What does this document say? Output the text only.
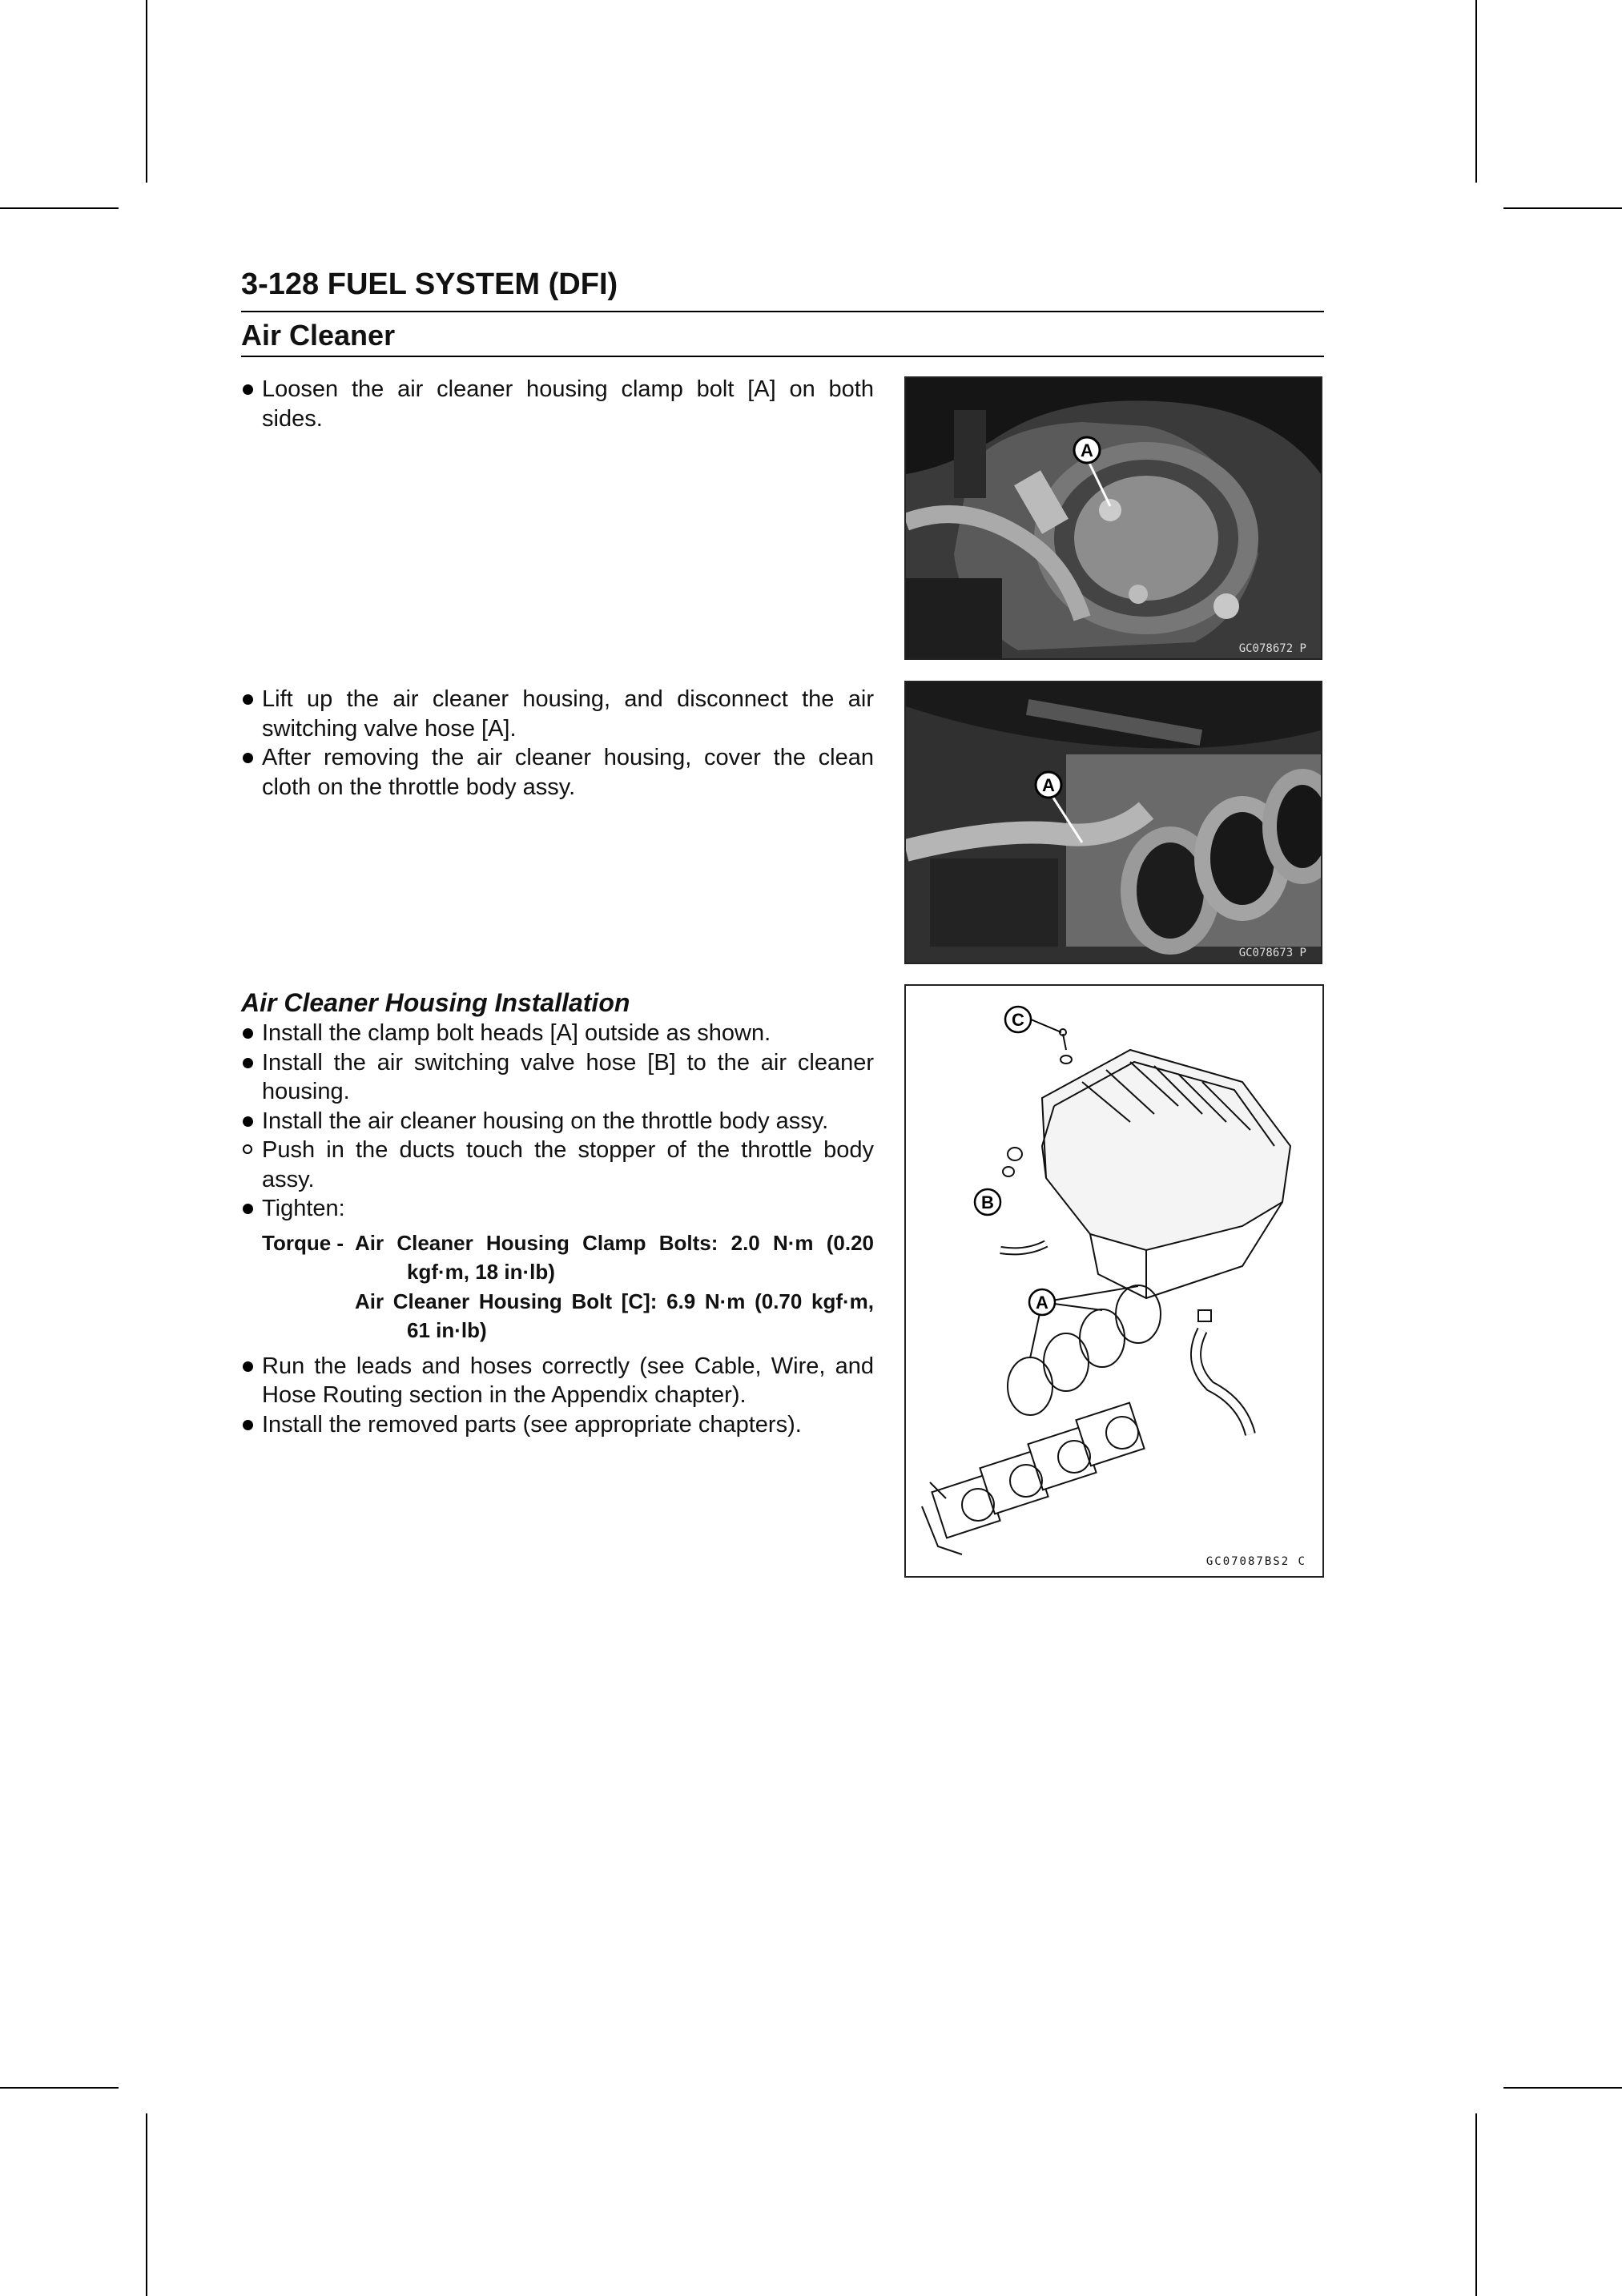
3-128 FUEL SYSTEM (DFI)
Air Cleaner
Loosen the air cleaner housing clamp bolt [A] on both sides.
A
GC078672 P
Lift up the air cleaner housing, and disconnect the air switching valve hose [A].
After removing the air cleaner housing, cover the clean cloth on the throttle body assy.	A
GC078673 P
Air Cleaner Housing Installation
Install the clamp bolt heads [A] outside as shown.
Install the air switching valve hose [B] to the air cleaner housing.
Install the air cleaner housing on the throttle body assy.
Push in the ducts touch the stopper of the throttle body assy.
Tighten:
Torque - Air Cleaner Housing Clamp Bolts: 2.0 N·m (0.20
kgf·m, 18 in·lb)
Air Cleaner Housing Bolt [C]: 6.9 N·m (0.70 kgf·m,
61 in·lb)
Run the leads and hoses correctly (see Cable, Wire, and Hose Routing section in the Appendix chapter).
Install the removed parts (see appropriate chapters).
C
B
A
GC07087BS2 C
